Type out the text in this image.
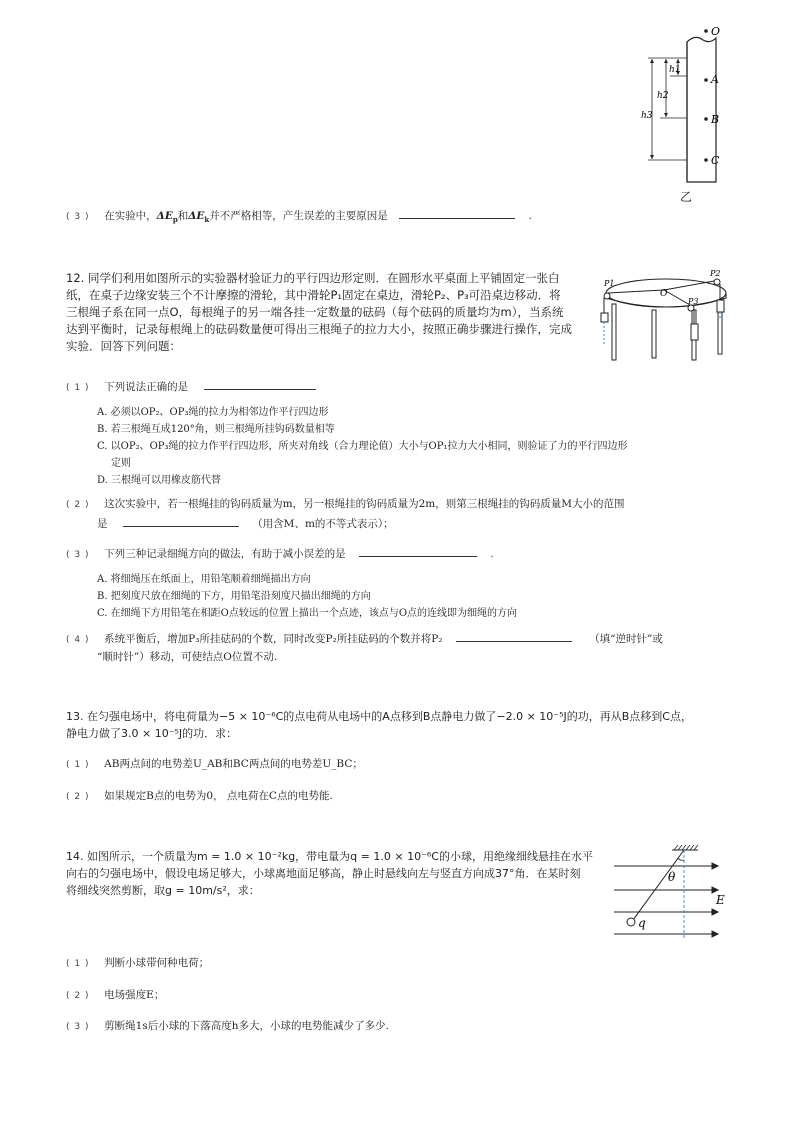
h1
h2
h3
O
A
B
C
乙
( 3 ) 在实验中，$\Delta E_p$和$\Delta E_k$并不严格相等，产生误差的主要原因是	.
12. 同学们利用如图所示的实验器材验证力的平行四边形定则．在圆形水平桌面上平铺固定一张白
纸，在桌子边缘安装三个不计摩擦的滑轮，其中滑轮P₁固定在桌边，滑轮P₂、P₃可沿桌边移动．将
三根绳子系在同一点O，每根绳子的另一端各挂一定数量的砝码（每个砝码的质量均为m），当系统
达到平衡时，记录每根绳上的砝码数量便可得出三根绳子的拉力大小，按照正确步骤进行操作，完成
实验．回答下列问题：
P1
P2
O
P3
( 1 ) 下列说法正确的是
A. 必须以OP₂、OP₃绳的拉力为相邻边作平行四边形
B. 若三根绳互成120°角，则三根绳所挂钩码数量相等
C. 以OP₂、OP₃绳的拉力作平行四边形，所夹对角线（合力理论值）大小与OP₁拉力大小相同，则验证了力的平行四边形
定则
D. 三根绳可以用橡皮筋代替
( 2 ) 这次实验中，若一根绳挂的钩码质量为m，另一根绳挂的钩码质量为2m，则第三根绳挂的钩码质量M大小的范围
是	（用含M、m的不等式表示）；
( 3 ) 下列三种记录细绳方向的做法，有助于减小误差的是	.
A. 将细绳压在纸面上，用铅笔顺着细绳描出方向
B. 把刻度尺放在细绳的下方，用铅笔沿刻度尺描出细绳的方向
C. 在细绳下方用铅笔在相距O点较远的位置上描出一个点迹，该点与O点的连线即为细绳的方向
( 4 ) 系统平衡后，增加P₃所挂砝码的个数，同时改变P₂所挂砝码的个数并将P₂	（填“逆时针”或
“顺时针”）移动，可使结点O位置不动.
13. 在匀强电场中，将电荷量为−5 × 10⁻⁶C的点电荷从电场中的A点移到B点静电力做了−2.0 × 10⁻⁵J的功，再从B点移到C点，
静电力做了3.0 × 10⁻⁵J的功．求：
( 1 ) AB两点间的电势差U_AB和BC两点间的电势差U_BC；
( 2 ) 如果规定B点的电势为0， 点电荷在C点的电势能.
14. 如图所示，一个质量为m = 1.0 × 10⁻²kg，带电量为q = 1.0 × 10⁻⁶C的小球，用绝缘细线悬挂在水平
向右的匀强电场中，假设电场足够大，小球离地面足够高，静止时悬线向左与竖直方向成37°角．在某时刻
将细线突然剪断，取g = 10m/s²，求：
θ
E
q
( 1 ) 判断小球带何种电荷；
( 2 ) 电场强度E；
( 3 ) 剪断绳1s后小球的下落高度h多大，小球的电势能减少了多少.
